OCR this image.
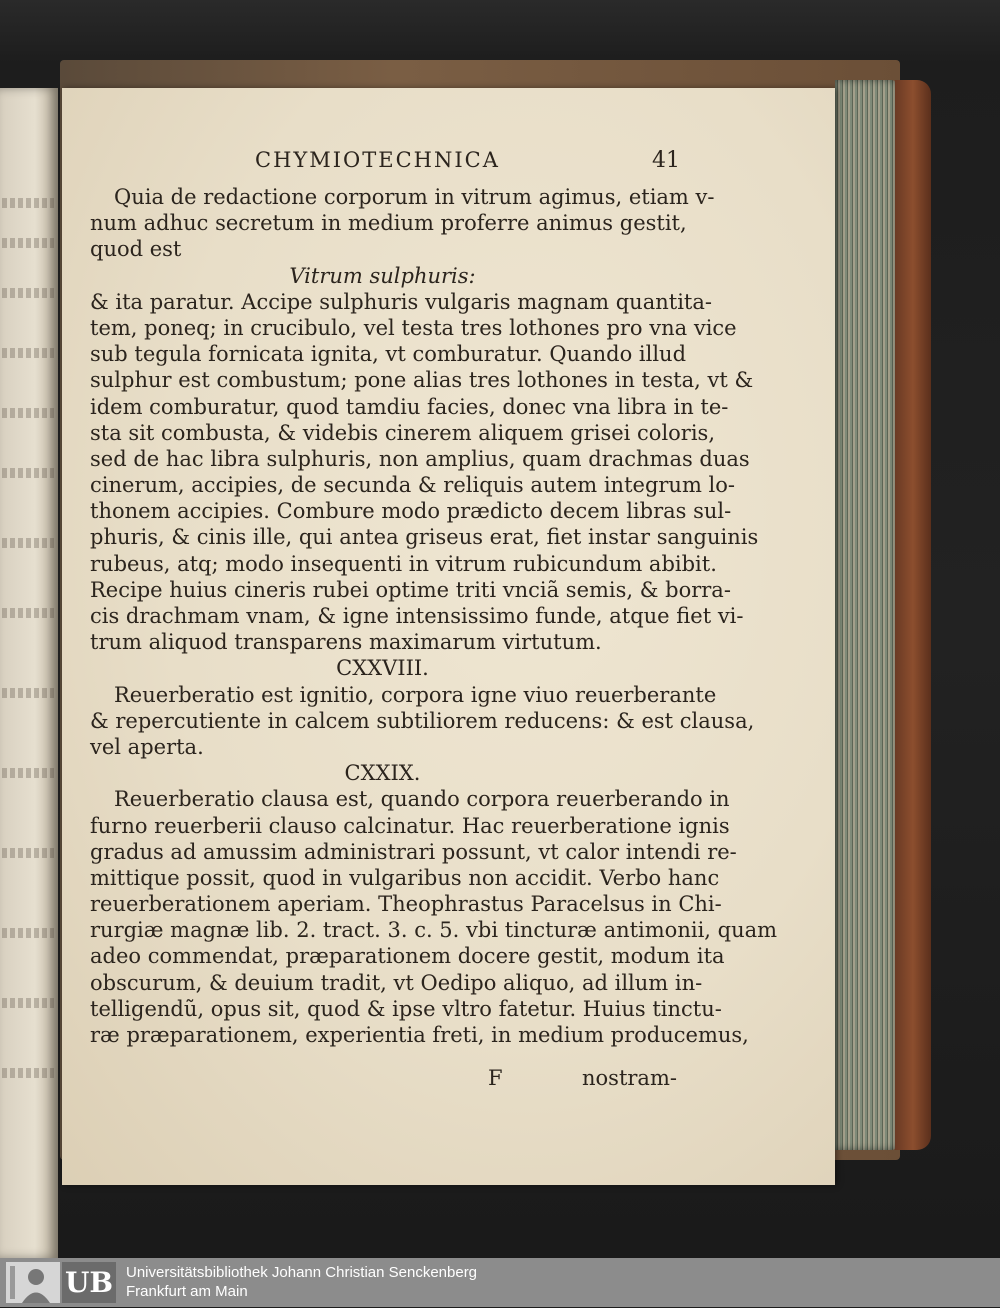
CHYMIOTECHNICA	41
Quia de redactione corporum in vitrum agimus, etiam v-
num adhuc secretum in medium proferre animus gestit,
quod est
Vitrum sulphuris:
& ita paratur. Accipe sulphuris vulgaris magnam quantita-
tem, poneq; in crucibulo, vel testa tres lothones pro vna vice
sub tegula fornicata ignita, vt comburatur. Quando illud
sulphur est combustum; pone alias tres lothones in testa, vt &
idem comburatur, quod tamdiu facies, donec vna libra in te-
sta sit combusta, & videbis cinerem aliquem grisei coloris,
sed de hac libra sulphuris, non amplius, quam drachmas duas
cinerum, accipies, de secunda & reliquis autem integrum lo-
thonem accipies. Combure modo prædicto decem libras sul-
phuris, & cinis ille, qui antea griseus erat, fiet instar sanguinis
rubeus, atq; modo insequenti in vitrum rubicundum abibit.
Recipe huius cineris rubei optime triti vnciã semis, & borra-
cis drachmam vnam, & igne intensissimo funde, atque fiet vi-
trum aliquod transparens maximarum virtutum.
CXXVIII.
Reuerberatio est ignitio, corpora igne viuo reuerberante
& repercutiente in calcem subtiliorem reducens: & est clausa,
vel aperta.
CXXIX.
Reuerberatio clausa est, quando corpora reuerberando in
furno reuerberii clauso calcinatur. Hac reuerberatione ignis
gradus ad amussim administrari possunt, vt calor intendi re-
mittique possit, quod in vulgaribus non accidit. Verbo hanc
reuerberationem aperiam. Theophrastus Paracelsus in Chi-
rurgiæ magnæ lib. 2. tract. 3. c. 5. vbi tincturæ antimonii, quam
adeo commendat, præparationem docere gestit, modum ita
obscurum, & deuium tradit, vt Oedipo aliquo, ad illum in-
telligendũ, opus sit, quod & ipse vltro fatetur. Huius tinctu-
ræ præparationem, experientia freti, in medium producemus,
F	nostram-
UB Universitätsbibliothek Johann Christian Senckenberg
Frankfurt am Main
